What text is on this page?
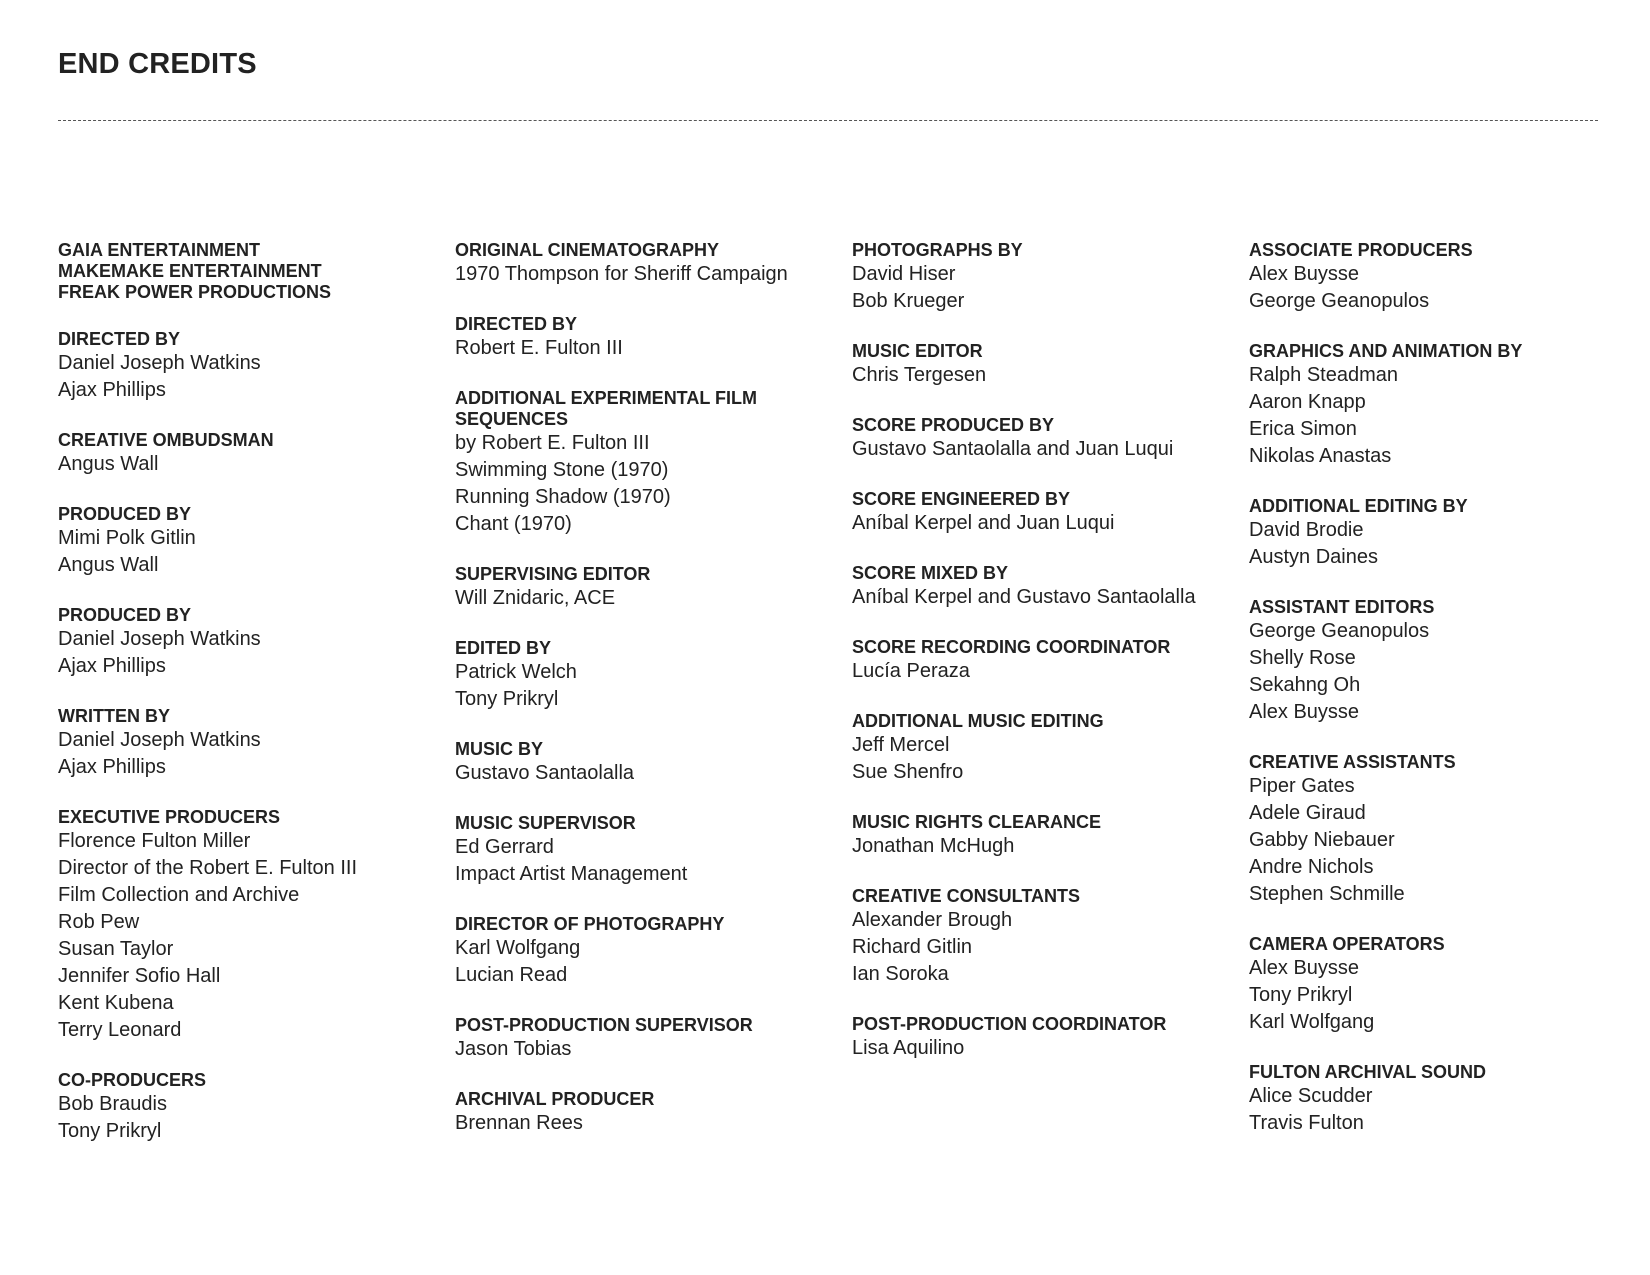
END CREDITS
GAIA ENTERTAINMENT
MAKEMAKE ENTERTAINMENT
FREAK POWER PRODUCTIONS
DIRECTED BY
Daniel Joseph Watkins
Ajax Phillips
CREATIVE OMBUDSMAN
Angus Wall
PRODUCED BY
Mimi Polk Gitlin
Angus Wall
PRODUCED BY
Daniel Joseph Watkins
Ajax Phillips
WRITTEN BY
Daniel Joseph Watkins
Ajax Phillips
EXECUTIVE PRODUCERS
Florence Fulton Miller
Director of the Robert E. Fulton III
Film Collection and Archive
Rob Pew
Susan Taylor
Jennifer Sofio Hall
Kent Kubena
Terry Leonard
CO-PRODUCERS
Bob Braudis
Tony Prikryl
ORIGINAL CINEMATOGRAPHY
1970 Thompson for Sheriff Campaign
DIRECTED BY
Robert E. Fulton III
ADDITIONAL EXPERIMENTAL FILM SEQUENCES
by Robert E. Fulton III
Swimming Stone (1970)
Running Shadow (1970)
Chant (1970)
SUPERVISING EDITOR
Will Znidaric, ACE
EDITED BY
Patrick Welch
Tony Prikryl
MUSIC BY
Gustavo Santaolalla
MUSIC SUPERVISOR
Ed Gerrard
Impact Artist Management
DIRECTOR OF PHOTOGRAPHY
Karl Wolfgang
Lucian Read
POST-PRODUCTION SUPERVISOR
Jason Tobias
ARCHIVAL PRODUCER
Brennan Rees
PHOTOGRAPHS BY
David Hiser
Bob Krueger
MUSIC EDITOR
Chris Tergesen
SCORE PRODUCED BY
Gustavo Santaolalla and Juan Luqui
SCORE ENGINEERED BY
Aníbal Kerpel and Juan Luqui
SCORE MIXED BY
Aníbal Kerpel and Gustavo Santaolalla
SCORE RECORDING COORDINATOR
Lucía Peraza
ADDITIONAL MUSIC EDITING
Jeff Mercel
Sue Shenfro
MUSIC RIGHTS CLEARANCE
Jonathan McHugh
CREATIVE CONSULTANTS
Alexander Brough
Richard Gitlin
Ian Soroka
POST-PRODUCTION COORDINATOR
Lisa Aquilino
ASSOCIATE PRODUCERS
Alex Buysse
George Geanopulos
GRAPHICS AND ANIMATION BY
Ralph Steadman
Aaron Knapp
Erica Simon
Nikolas Anastas
ADDITIONAL EDITING BY
David Brodie
Austyn Daines
ASSISTANT EDITORS
George Geanopulos
Shelly Rose
Sekahng Oh
Alex Buysse
CREATIVE ASSISTANTS
Piper Gates
Adele Giraud
Gabby Niebauer
Andre Nichols
Stephen Schmille
CAMERA OPERATORS
Alex Buysse
Tony Prikryl
Karl Wolfgang
FULTON ARCHIVAL SOUND
Alice Scudder
Travis Fulton
